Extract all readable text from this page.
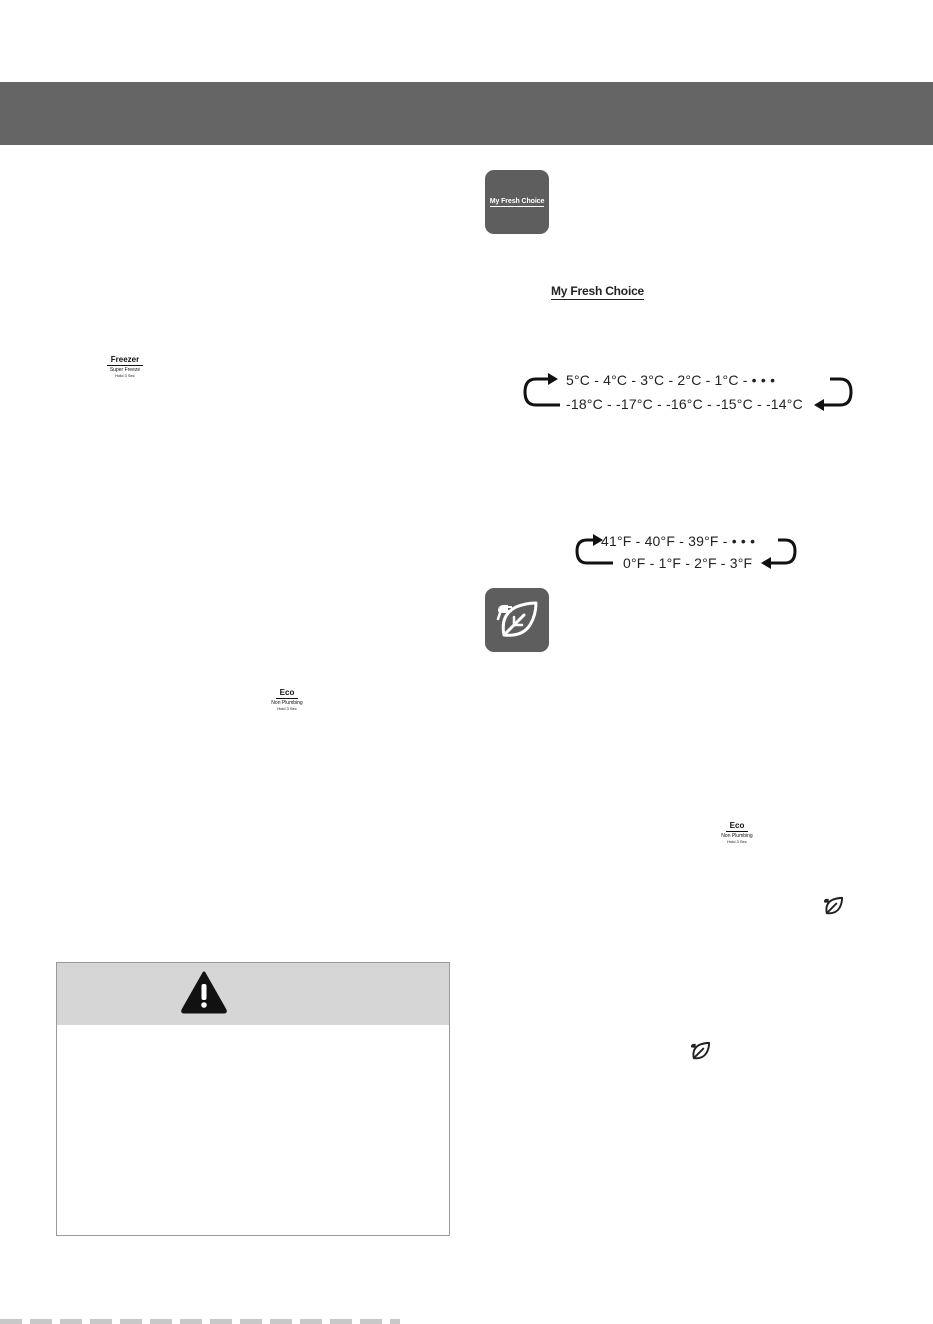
Freezer
Super Freeze
Hold 3 Sec
Eco
Non Plumbing
Hold 3 Sec
My Fresh Choice
My Fresh Choice
5°C - 4°C - 3°C - 2°C - 1°C - • • •
-18°C - -17°C - -16°C - -15°C - -14°C
41°F - 40°F - 39°F - • • •
0°F - 1°F - 2°F - 3°F
Eco
Non Plumbing
Hold 3 Sec
